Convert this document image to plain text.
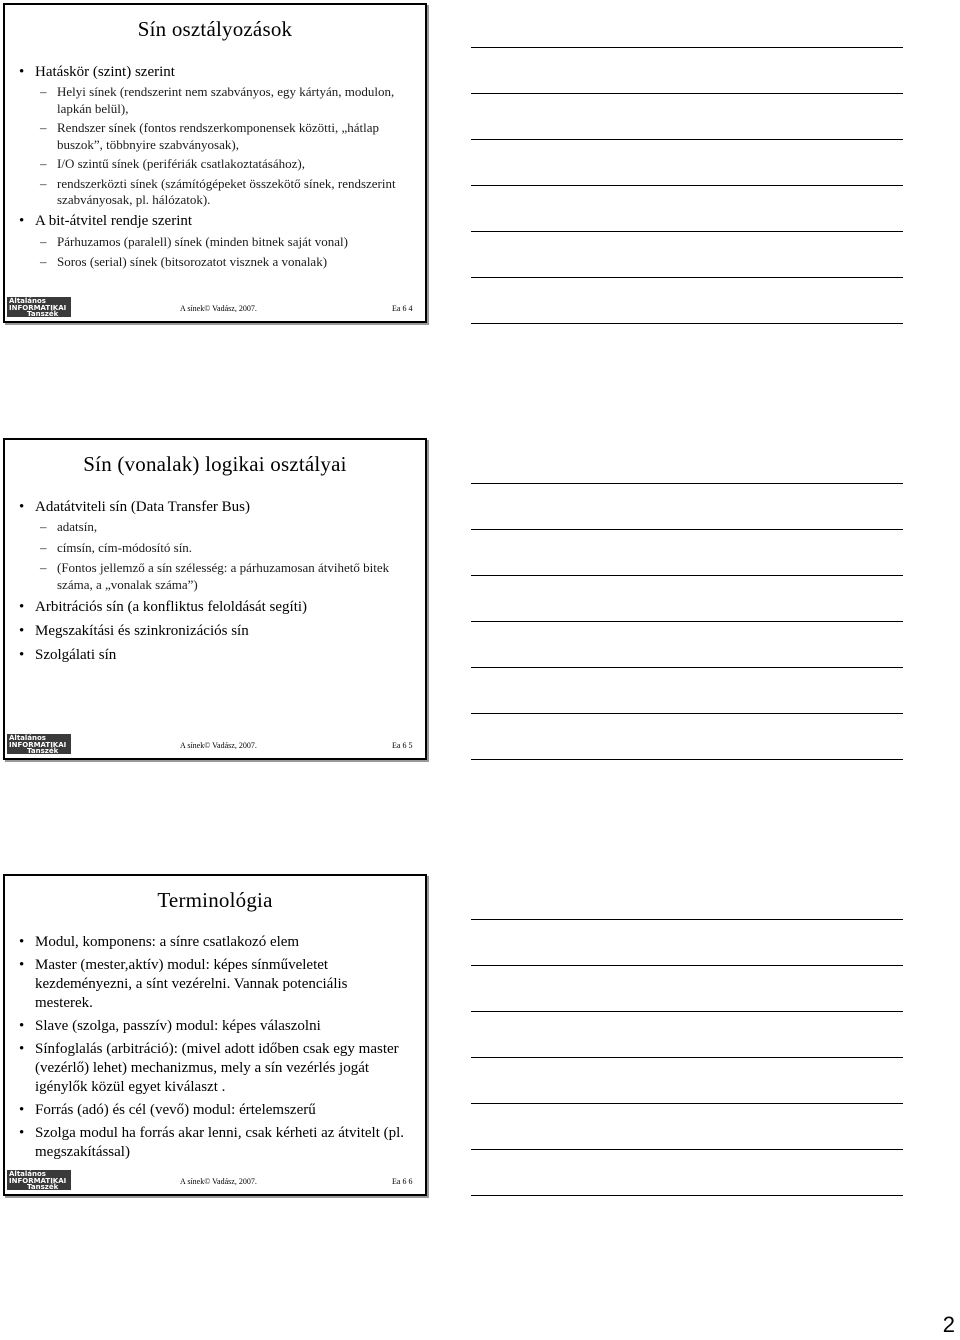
Sín osztályozások
• Hatáskör (szint) szerint
– Helyi sínek (rendszerint nem szabványos, egy kártyán, modulon, lapkán belül),
– Rendszer sínek (fontos rendszerkomponensek közötti, „hátlap buszok”, többnyire szabványosak),
– I/O szintű sínek (perifériák csatlakoztatásához),
– rendszerközti sínek (számítógépeket összekötő sínek, rendszerint szabványosak, pl. hálózatok).
• A bit-átvitel rendje szerint
– Párhuzamos (paralell) sínek (minden bitnek saját vonal)
– Soros (serial) sínek (bitsorozatot visznek a vonalak)
Általános
INFORMATIKAI
Tanszék
A sínek© Vadász, 2007.	Ea 6 4
Sín (vonalak) logikai osztályai
• Adatátviteli sín (Data Transfer Bus)
– adatsín,
– címsín, cím-módosító sín.
– (Fontos jellemző a sín szélesség: a párhuzamosan átvihető bitek száma, a „vonalak száma”)
• Arbitrációs sín (a konfliktus feloldását segíti)
• Megszakítási és szinkronizációs sín
• Szolgálati sín
Általános
INFORMATIKAI
Tanszék
A sínek© Vadász, 2007.	Ea 6 5
Terminológia
• Modul, komponens: a sínre csatlakozó elem
• Master (mester,aktív) modul: képes sínműveletet kezdeményezni, a sínt vezérelni. Vannak potenciális mesterek.
• Slave (szolga, passzív) modul: képes válaszolni
• Sínfoglalás (arbitráció): (mivel adott időben csak egy master (vezérlő) lehet) mechanizmus, mely a sín vezérlés jogát igénylők közül egyet kiválaszt .
• Forrás (adó) és cél (vevő) modul: értelemszerű
• Szolga modul ha forrás akar lenni, csak kérheti az átvitelt (pl. megszakítással)
Általános
INFORMATIKAI
Tanszék
A sínek© Vadász, 2007.	Ea 6 6
2
